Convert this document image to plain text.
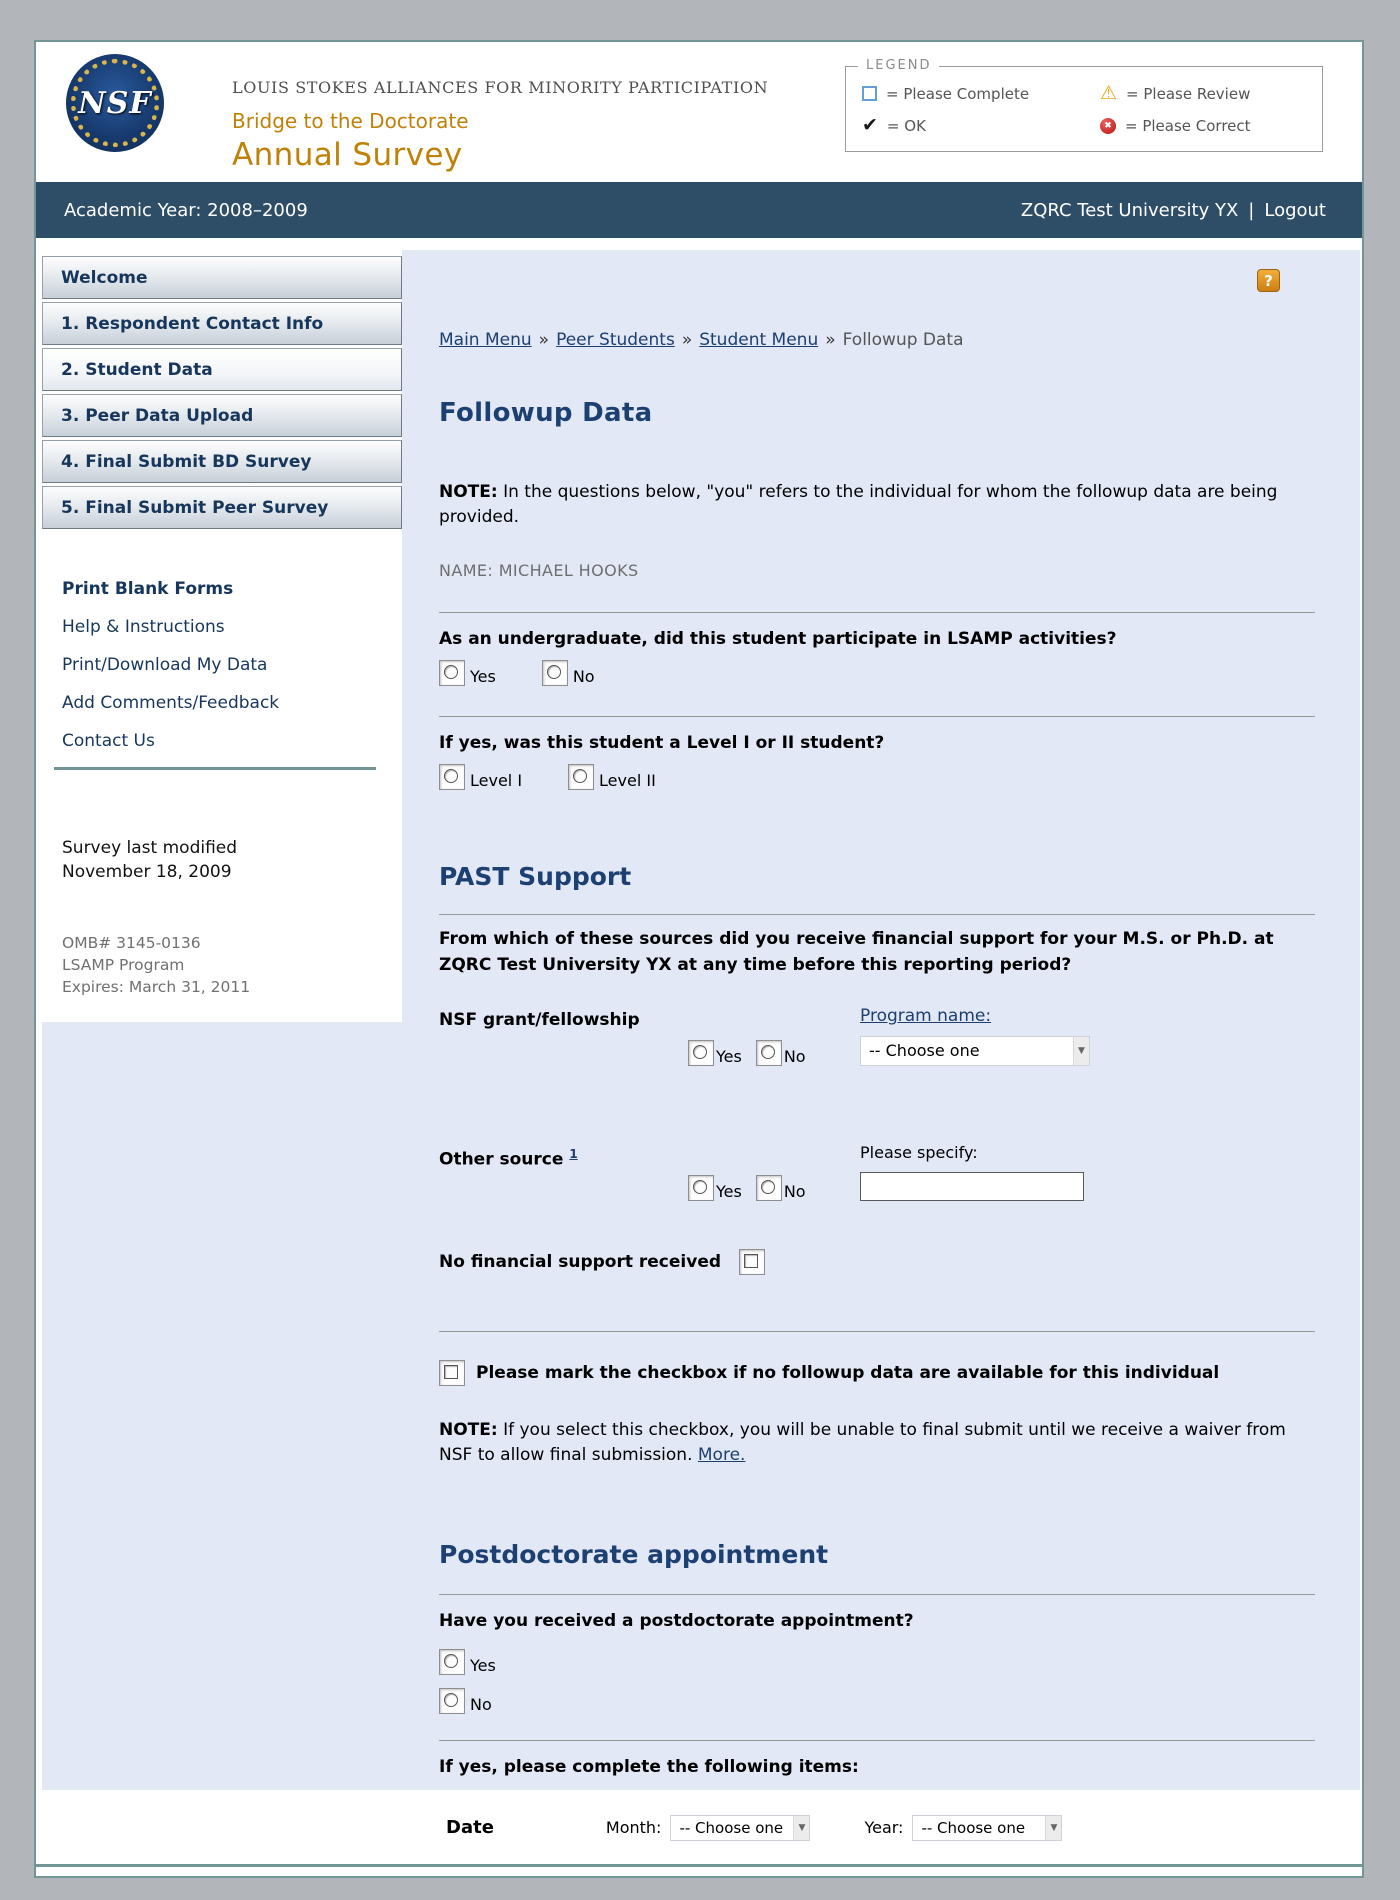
NSF	LOUIS STOKES ALLIANCES FOR MINORITY PARTICIPATION
Bridge to the Doctorate
Annual Survey
LEGEND
= Please Complete	⚠ = Please Review
✔ = OK	✖ = Please Correct
Academic Year: 2008–2009	ZQRC Test University YX | Logout
Welcome
1. Respondent Contact Info
2. Student Data
3. Peer Data Upload
4. Final Submit BD Survey
5. Final Submit Peer Survey
Print Blank Forms
Help & Instructions
Print/Download My Data
Add Comments/Feedback
Contact Us
Survey last modified
November 18, 2009
OMB# 3145-0136
LSAMP Program
Expires: March 31, 2011
?
Main Menu » Peer Students » Student Menu » Followup Data
Followup Data

NOTE: In the questions below, "you" refers to the individual for whom the followup data are being provided.

NAME: MICHAEL HOOKS
As an undergraduate, did this student participate in LSAMP activities?
Yes	No
If yes, was this student a Level I or II student?
Level I	Level II
PAST Support
From which of these sources did you receive financial support for your M.S. or Ph.D. at ZQRC Test University YX at any time before this reporting period?
NSF grant/fellowship
Yes	No
Program name:
-- Choose one	▼
Other source $^1$
Yes	No
Please specify:
No financial support received
Please mark the checkbox if no followup data are available for this individual

NOTE: If you select this checkbox, you will be unable to final submit until we receive a waiver from NSF to allow final submission. More.

Postdoctorate appointment
Have you received a postdoctorate appointment?
Yes
No
If yes, please complete the following items:
Date	Month: -- Choose one	▼	Year: -- Choose one	▼
